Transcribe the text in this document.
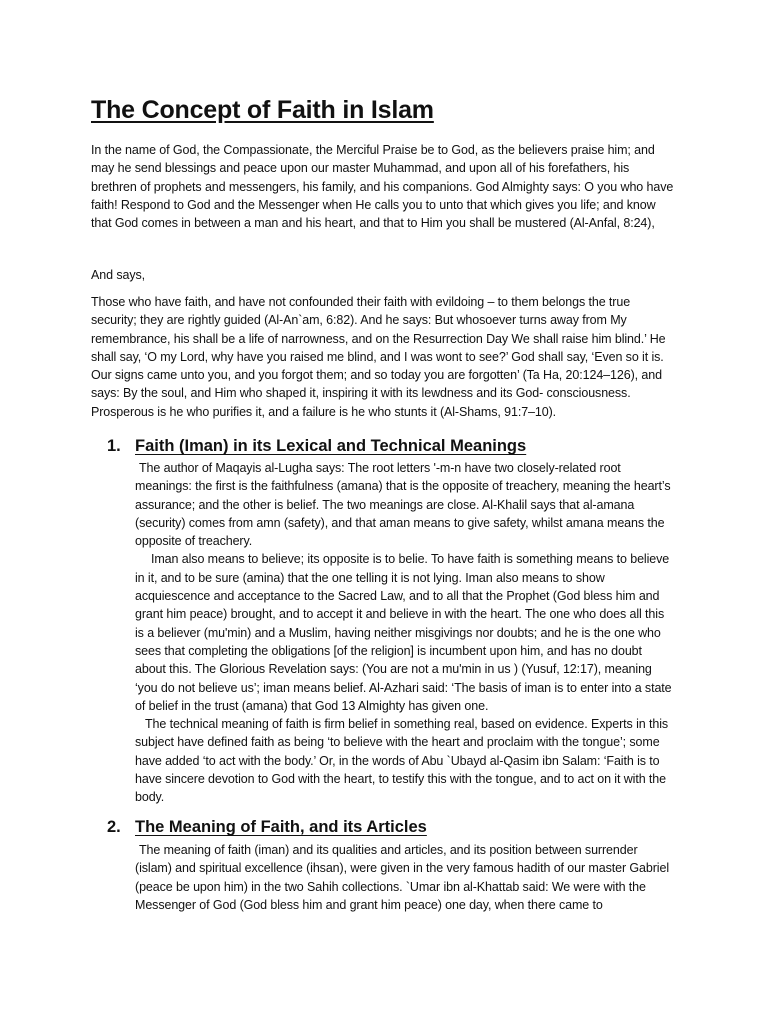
The Concept of Faith in Islam

In the name of God, the Compassionate, the Merciful Praise be to God, as the believers praise him; and may he send blessings and peace upon our master Muhammad, and upon all of his forefathers, his brethren of prophets and messengers, his family, and his companions. God Almighty says: O you who have faith! Respond to God and the Messenger when He calls you to unto that which gives you life; and know that God comes in between a man and his heart, and that to Him you shall be mustered (Al-Anfal, 8:24),

And says,

Those who have faith, and have not confounded their faith with evildoing – to them belongs the true security; they are rightly guided (Al-An`am, 6:82). And he says: But whosoever turns away from My remembrance, his shall be a life of narrowness, and on the Resurrection Day We shall raise him blind.’ He shall say, ‘O my Lord, why have you raised me blind, and I was wont to see?’ God shall say, ‘Even so it is. Our signs came unto you, and you forgot them; and so today you are forgotten’ (Ta Ha, 20:124–126), and says: By the soul, and Him who shaped it, inspiring it with its lewdness and its God- consciousness. Prosperous is he who purifies it, and a failure is he who stunts it (Al-Shams, 91:7–10).

1. Faith (Iman) in its Lexical and Technical Meanings

The author of Maqayis al-Lugha says: The root letters '-m-n have two closely-related root meanings: the first is the faithfulness (amana) that is the opposite of treachery, meaning the heart’s assurance; and the other is belief. The two meanings are close. Al-Khalil says that al-amana (security) comes from amn (safety), and that aman means to give safety, whilst amana means the opposite of treachery.

Iman also means to believe; its opposite is to belie. To have faith is something means to believe in it, and to be sure (amina) that the one telling it is not lying. Iman also means to show acquiescence and acceptance to the Sacred Law, and to all that the Prophet (God bless him and grant him peace) brought, and to accept it and believe in with the heart. The one who does all this is a believer (mu'min) and a Muslim, having neither misgivings nor doubts; and he is the one who sees that completing the obligations [of the religion] is incumbent upon him, and has no doubt about this. The Glorious Revelation says: (You are not a mu'min in us ) (Yusuf, 12:17), meaning ‘you do not believe us’; iman means belief. Al-Azhari said: ‘The basis of iman is to enter into a state of belief in the trust (amana) that God 13 Almighty has given one.

The technical meaning of faith is firm belief in something real, based on evidence. Experts in this subject have defined faith as being ‘to believe with the heart and proclaim with the tongue’; some have added ‘to act with the body.’ Or, in the words of Abu `Ubayd al-Qasim ibn Salam: ‘Faith is to have sincere devotion to God with the heart, to testify this with the tongue, and to act on it with the body.

2. The Meaning of Faith, and its Articles

The meaning of faith (iman) and its qualities and articles, and its position between surrender (islam) and spiritual excellence (ihsan), were given in the very famous hadith of our master Gabriel (peace be upon him) in the two Sahih collections. `Umar ibn al-Khattab said: We were with the Messenger of God (God bless him and grant him peace) one day, when there came to
